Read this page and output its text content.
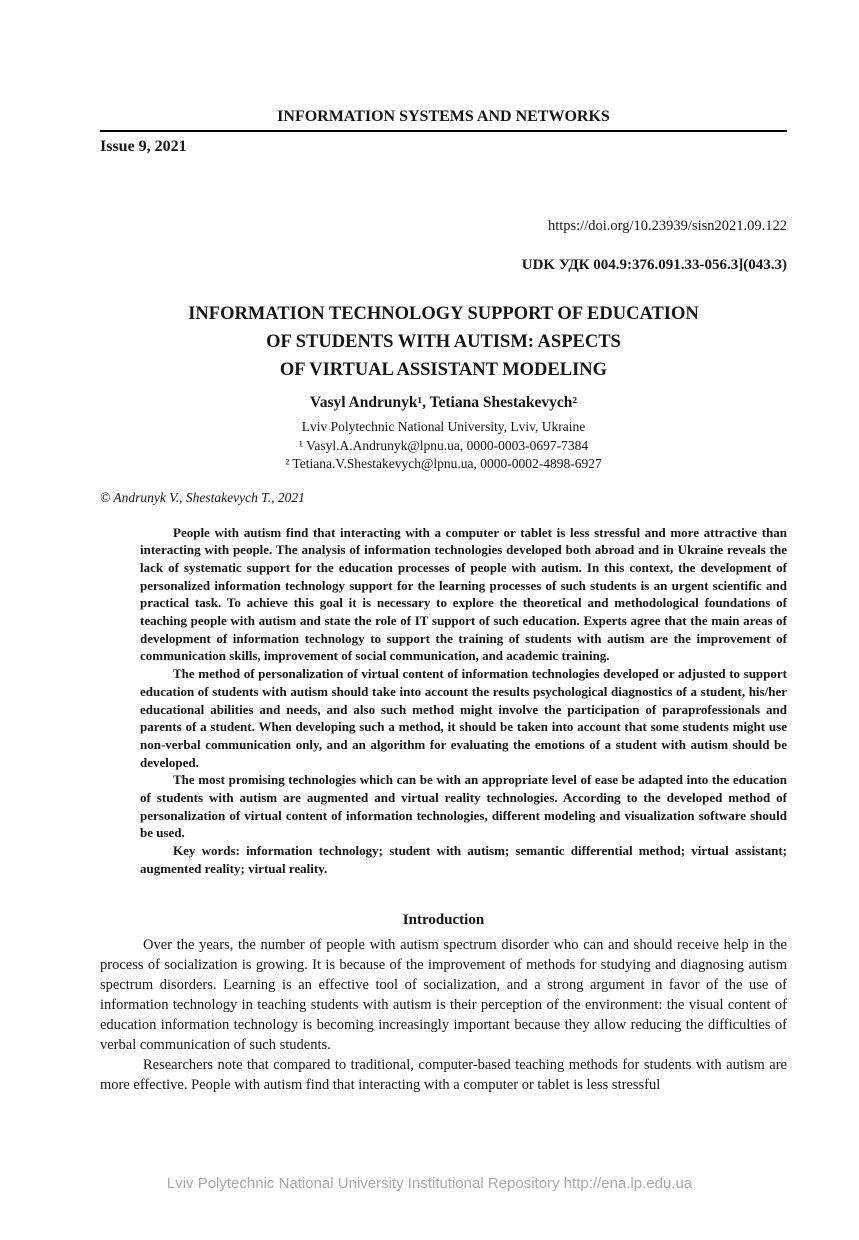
INFORMATION SYSTEMS AND NETWORKS
Issue 9, 2021
https://doi.org/10.23939/sisn2021.09.122
UDK УДК 004.9:376.091.33-056.3](043.3)
INFORMATION TECHNOLOGY SUPPORT OF EDUCATION
OF STUDENTS WITH AUTISM: ASPECTS
OF VIRTUAL ASSISTANT MODELING
Vasyl Andrunyk¹, Tetiana Shestakevych²
Lviv Polytechnic National University, Lviv, Ukraine
¹ Vasyl.A.Andrunyk@lpnu.ua, 0000-0003-0697-7384
² Tetiana.V.Shestakevych@lpnu.ua, 0000-0002-4898-6927
© Andrunyk V., Shestakevych T., 2021

People with autism find that interacting with a computer or tablet is less stressful and more attractive than interacting with people. The analysis of information technologies developed both abroad and in Ukraine reveals the lack of systematic support for the education processes of people with autism. In this context, the development of personalized information technology support for the learning processes of such students is an urgent scientific and practical task. To achieve this goal it is necessary to explore the theoretical and methodological foundations of teaching people with autism and state the role of IT support of such education. Experts agree that the main areas of development of information technology to support the training of students with autism are the improvement of communication skills, improvement of social communication, and academic training.

The method of personalization of virtual content of information technologies developed or adjusted to support education of students with autism should take into account the results psychological diagnostics of a student, his/her educational abilities and needs, and also such method might involve the participation of paraprofessionals and parents of a student. When developing such a method, it should be taken into account that some students might use non-verbal communication only, and an algorithm for evaluating the emotions of a student with autism should be developed.

The most promising technologies which can be with an appropriate level of ease be adapted into the education of students with autism are augmented and virtual reality technologies. According to the developed method of personalization of virtual content of information technologies, different modeling and visualization software should be used.

Key words: information technology; student with autism; semantic differential method; virtual assistant; augmented reality; virtual reality.

Introduction

Over the years, the number of people with autism spectrum disorder who can and should receive help in the process of socialization is growing. It is because of the improvement of methods for studying and diagnosing autism spectrum disorders. Learning is an effective tool of socialization, and a strong argument in favor of the use of information technology in teaching students with autism is their perception of the environment: the visual content of education information technology is becoming increasingly important because they allow reducing the difficulties of verbal communication of such students.

Researchers note that compared to traditional, computer-based teaching methods for students with autism are more effective. People with autism find that interacting with a computer or tablet is less stressful

Lviv Polytechnic National University Institutional Repository http://ena.lp.edu.ua
